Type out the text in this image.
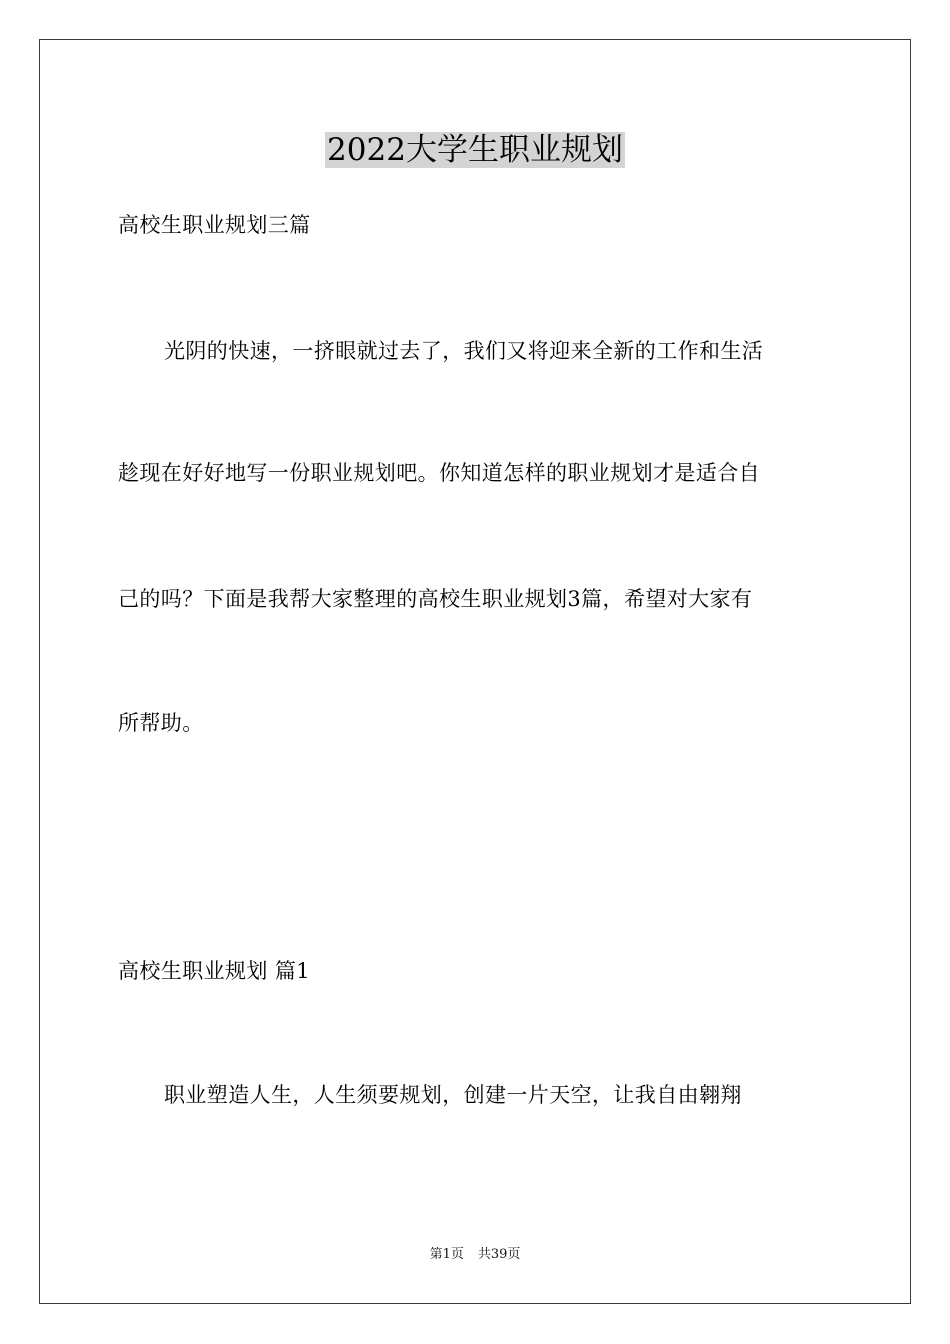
2022大学生职业规划
高校生职业规划三篇
光阴的快速，一挤眼就过去了，我们又将迎来全新的工作和生活
趁现在好好地写一份职业规划吧。你知道怎样的职业规划才是适合自
己的吗？下面是我帮大家整理的高校生职业规划3篇，希望对大家有
所帮助。
高校生职业规划 篇1
职业塑造人生，人生须要规划，创建一片天空，让我自由翱翔
第1页 共39页
